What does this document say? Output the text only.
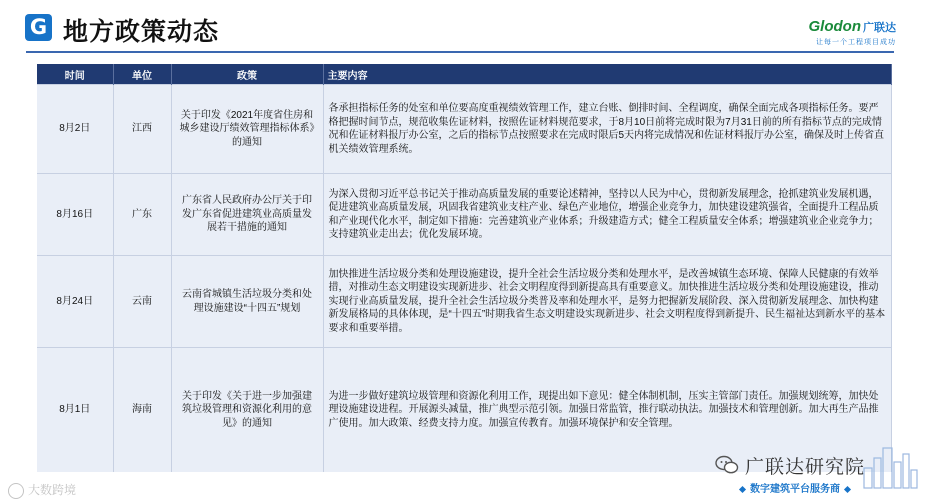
G 地方政策动态	Glodon 广联达
让每一个工程项目成功
时间	单位	政策	主要内容
8月2日	江西	关于印发《2021年度省住房和城乡建设厅绩效管理指标体系》的通知	各承担指标任务的处室和单位要高度重视绩效管理工作，建立台账、倒排时间、全程调度，确保全面完成各项指标任务。要严格把握时间节点，规范收集佐证材料，按照佐证材料规范要求，于8月10日前将完成时限为7月31日前的所有指标节点的完成情况和佐证材料报厅办公室，之后的指标节点按照要求在完成时限后5天内将完成情况和佐证材料报厅办公室，确保及时上传省直机关绩效管理系统。
8月16日	广东	广东省人民政府办公厅关于印发广东省促进建筑业高质量发展若干措施的通知	为深入贯彻习近平总书记关于推动高质量发展的重要论述精神，坚持以人民为中心，贯彻新发展理念，抢抓建筑业发展机遇，促进建筑业高质量发展，巩固我省建筑业支柱产业、绿色产业地位，增强企业竞争力，加快建设建筑强省，全面提升工程品质和产业现代化水平，制定如下措施：完善建筑业产业体系；升级建造方式；健全工程质量安全体系；增强建筑业企业竞争力；支持建筑业走出去；优化发展环境。
8月24日	云南	云南省城镇生活垃圾分类和处理设施建设“十四五”规划	加快推进生活垃圾分类和处理设施建设，提升全社会生活垃圾分类和处理水平，是改善城镇生态环境、保障人民健康的有效举措，对推动生态文明建设实现新进步、社会文明程度得到新提高具有重要意义。加快推进生活垃圾分类和处理设施建设，推动实现行业高质量发展，提升全社会生活垃圾分类普及率和处理水平，是努力把握新发展阶段、深入贯彻新发展理念、加快构建新发展格局的具体体现，是“十四五”时期我省生态文明建设实现新进步、社会文明程度得到新提升、民生福祉达到新水平的基本要求和重要举措。
8月1日	海南	关于印发《关于进一步加强建筑垃圾管理和资源化利用的意见》的通知	为进一步做好建筑垃圾管理和资源化利用工作，现提出如下意见：健全体制机制，压实主管部门责任。加强规划统筹，加快处理设施建设进程。开展源头减量，推广典型示范引领。加强日常监管，推行联动执法。加强技术和管理创新。加大再生产品推广使用。加大政策、经费支持力度。加强宣传教育。加强环境保护和安全管理。
大数跨境
广联达研究院
数字建筑平台服务商
